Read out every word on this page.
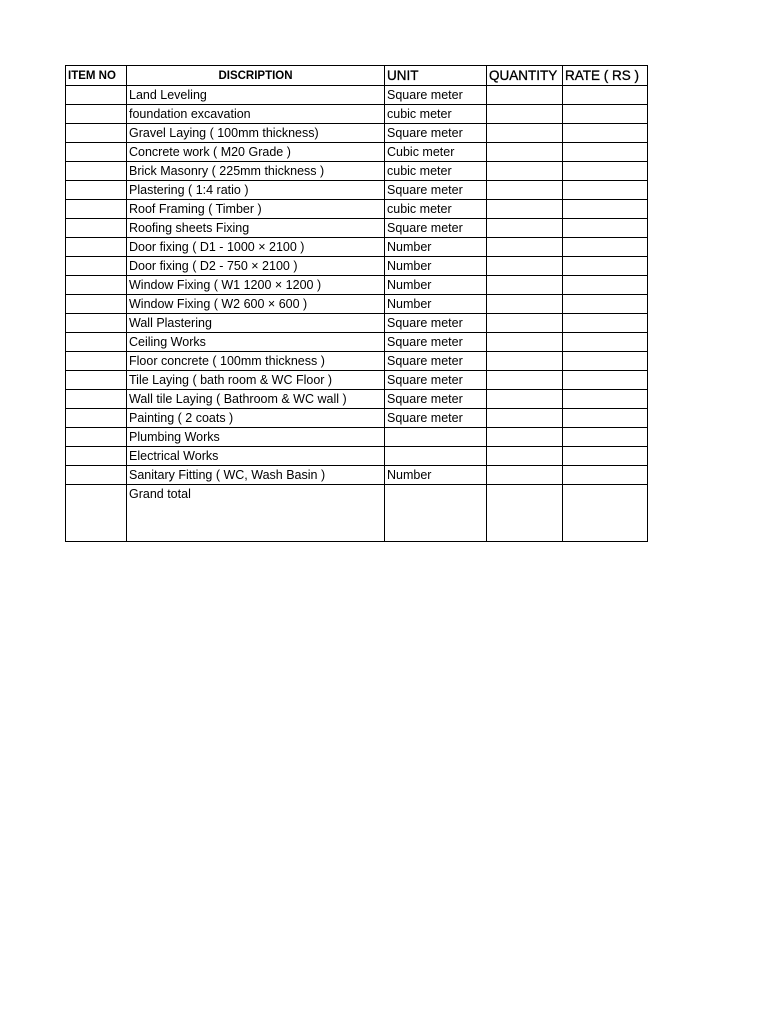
ITEM NO	DISCRIPTION	UNIT	QUANTITY	RATE ( RS )
	Land Leveling	Square meter		
	foundation excavation	cubic meter		
	Gravel Laying ( 100mm thickness)	Square meter		
	Concrete work ( M20 Grade )	Cubic meter		
	Brick Masonry ( 225mm thickness )	cubic meter		
	Plastering ( 1:4 ratio )	Square meter		
	Roof Framing ( Timber )	cubic meter		
	Roofing sheets Fixing	Square meter		
	Door fixing ( D1 - 1000 × 2100 )	Number		
	Door fixing ( D2 - 750 × 2100 )	Number		
	Window Fixing ( W1 1200 × 1200 )	Number		
	Window Fixing ( W2 600 × 600 )	Number		
	Wall Plastering	Square meter		
	Ceiling Works	Square meter		
	Floor concrete ( 100mm thickness )	Square meter		
	Tile Laying ( bath room & WC Floor )	Square meter		
	Wall tile Laying ( Bathroom & WC wall )	Square meter		
	Painting ( 2 coats )	Square meter		
	Plumbing Works			
	Electrical Works			
	Sanitary Fitting ( WC, Wash Basin )	Number		
	Grand total			
